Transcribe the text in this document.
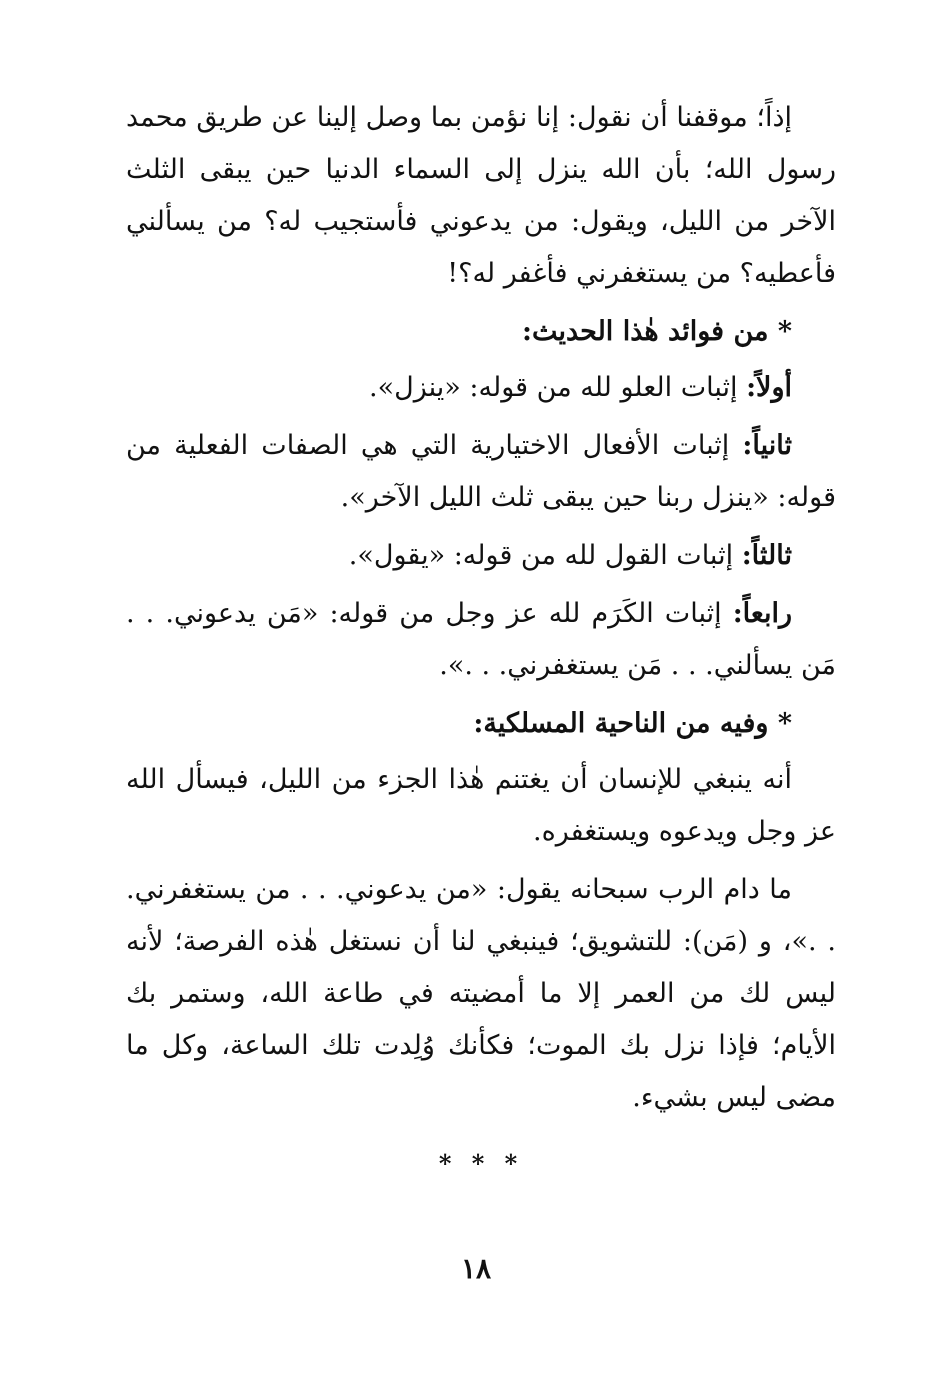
إذاً؛ موقفنا أن نقول: إنا نؤمن بما وصل إلينا عن طريق محمد رسول الله؛ بأن الله ينزل إلى السماء الدنيا حين يبقى الثلث الآخر من الليل، ويقول: من يدعوني فأستجيب له؟ من يسألني فأعطيه؟ من يستغفرني فأغفر له؟!

* من فوائد هٰذا الحديث:

أولاً: إثبات العلو لله من قوله: «ينزل».

ثانياً: إثبات الأفعال الاختيارية التي هي الصفات الفعلية من قوله: «ينزل ربنا حين يبقى ثلث الليل الآخر».

ثالثاً: إثبات القول لله من قوله: «يقول».

رابعاً: إثبات الكَرَم لله عز وجل من قوله: «مَن يدعوني. . . مَن يسألني. . . مَن يستغفرني. . .».

* وفيه من الناحية المسلكية:

أنه ينبغي للإنسان أن يغتنم هٰذا الجزء من الليل، فيسأل الله عز وجل ويدعوه ويستغفره.

ما دام الرب سبحانه يقول: «من يدعوني. . . من يستغفرني. . .»، و (مَن): للتشويق؛ فينبغي لنا أن نستغل هٰذه الفرصة؛ لأنه ليس لك من العمر إلا ما أمضيته في طاعة الله، وستمر بك الأيام؛ فإذا نزل بك الموت؛ فكأنك وُلِدت تلك الساعة، وكل ما مضى ليس بشيء.

* * *
١٨
